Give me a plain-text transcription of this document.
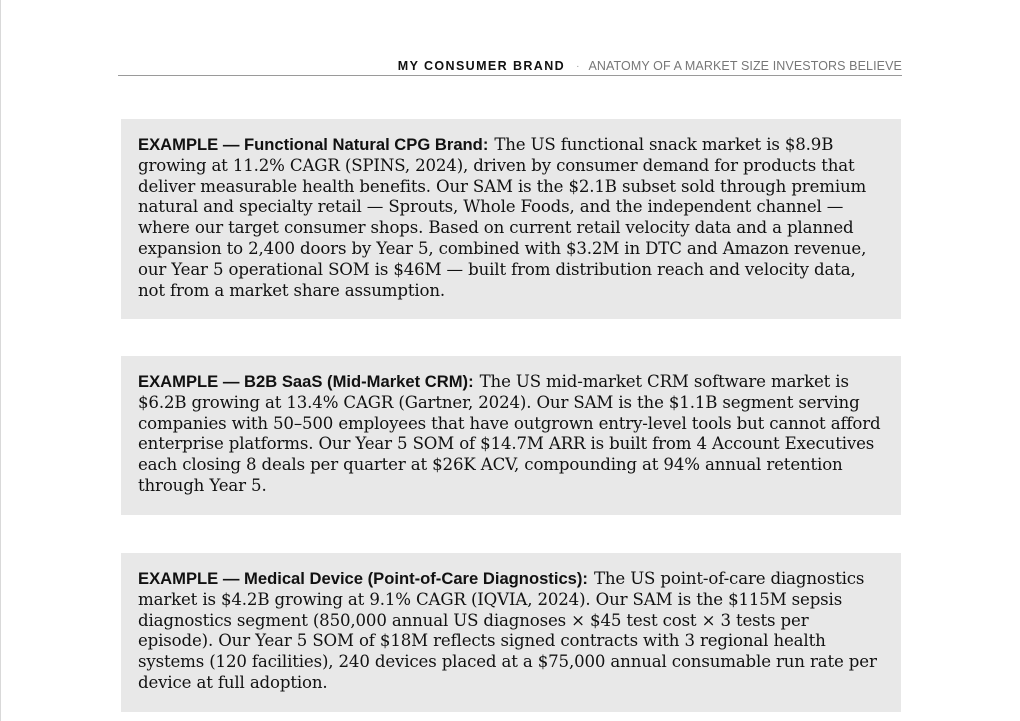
MY CONSUMER BRAND · ANATOMY OF A MARKET SIZE INVESTORS BELIEVE
EXAMPLE — Functional Natural CPG Brand: The US functional snack market is $8.9B growing at 11.2% CAGR (SPINS, 2024), driven by consumer demand for products that deliver measurable health benefits. Our SAM is the $2.1B subset sold through premium natural and specialty retail — Sprouts, Whole Foods, and the independent channel — where our target consumer shops. Based on current retail velocity data and a planned expansion to 2,400 doors by Year 5, combined with $3.2M in DTC and Amazon revenue, our Year 5 operational SOM is $46M — built from distribution reach and velocity data, not from a market share assumption.
EXAMPLE — B2B SaaS (Mid-Market CRM): The US mid-market CRM software market is $6.2B growing at 13.4% CAGR (Gartner, 2024). Our SAM is the $1.1B segment serving companies with 50–500 employees that have outgrown entry-level tools but cannot afford enterprise platforms. Our Year 5 SOM of $14.7M ARR is built from 4 Account Executives each closing 8 deals per quarter at $26K ACV, compounding at 94% annual retention through Year 5.
EXAMPLE — Medical Device (Point-of-Care Diagnostics): The US point-of-care diagnostics market is $4.2B growing at 9.1% CAGR (IQVIA, 2024). Our SAM is the $115M sepsis diagnostics segment (850,000 annual US diagnoses × $45 test cost × 3 tests per episode). Our Year 5 SOM of $18M reflects signed contracts with 3 regional health systems (120 facilities), 240 devices placed at a $75,000 annual consumable run rate per device at full adoption.
